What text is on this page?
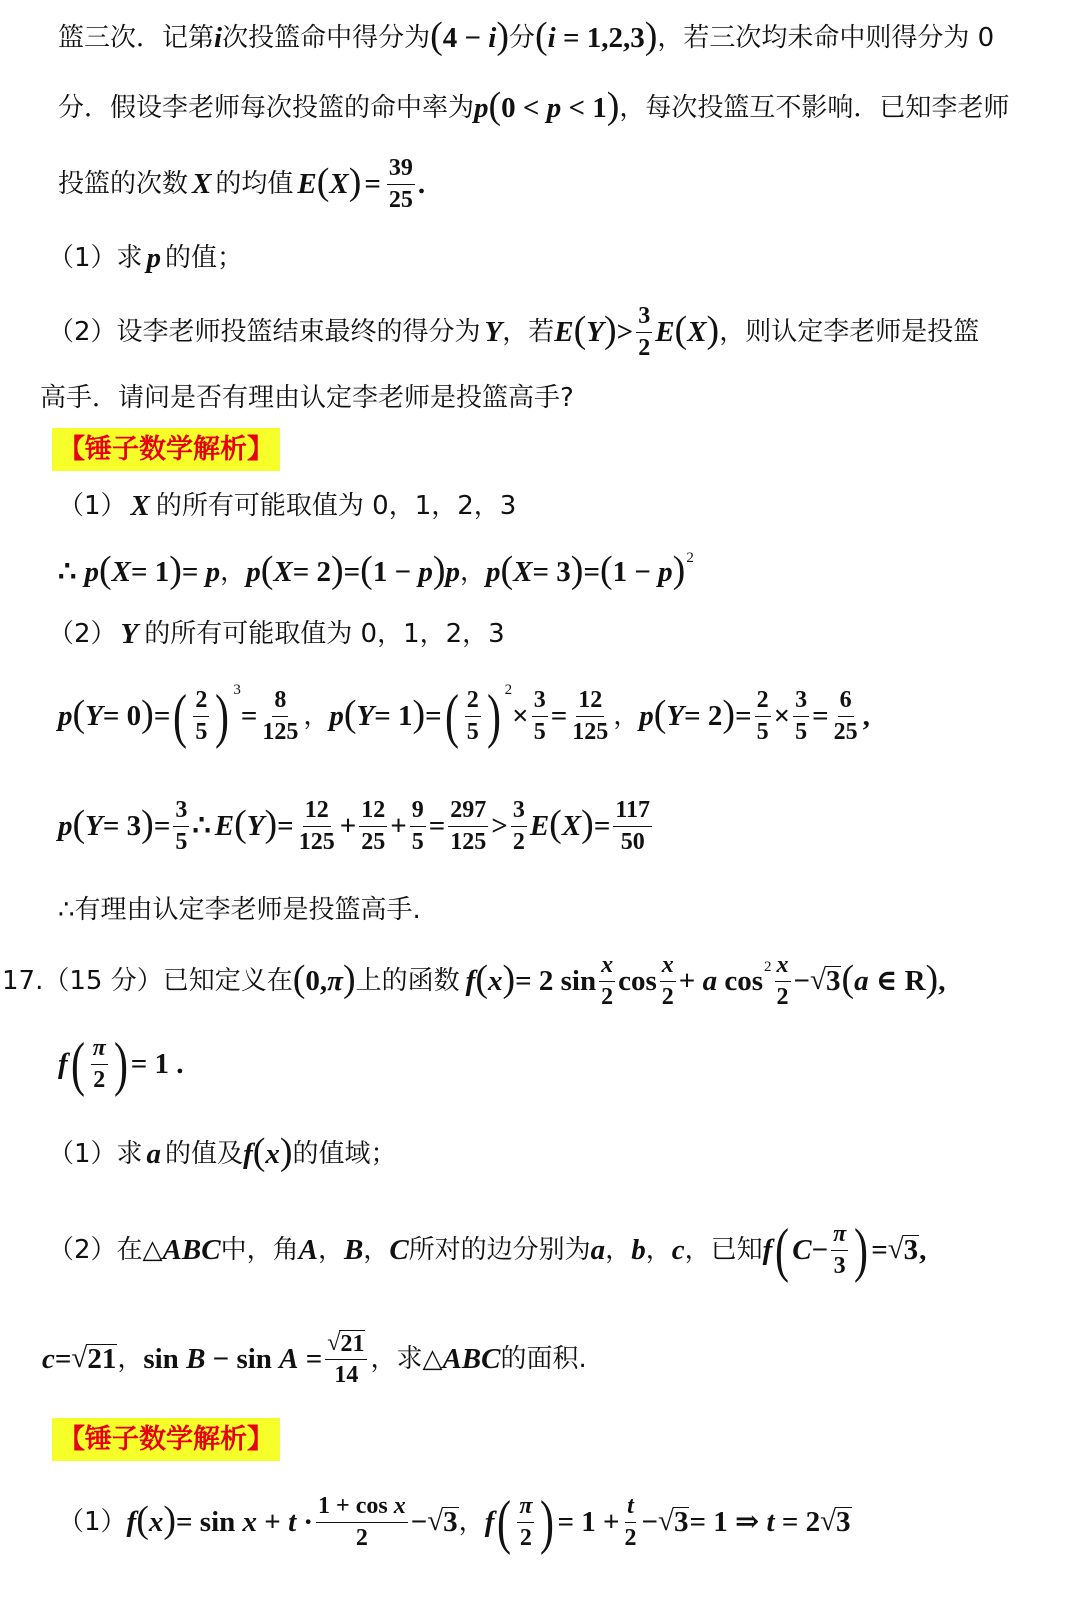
篮三次．记第 i 次投篮命中得分为 ( 4 − i ) 分 ( i = 1,2,3 ) ，若三次均未命中则得分为 0
分．假设李老师每次投篮的命中率为 p ( 0 < p < 1 ) ，每次投篮互不影响．已知李老师
投篮的次数 X 的均值 E ( X ) = $\frac{39}{25}$ .
（1）求 p 的值；
（2）设李老师投篮结束最终的得分为 Y ，若 E ( Y ) > $\frac{3}{2}$ E ( X ) ，则认定李老师是投篮
高手．请问是否有理由认定李老师是投篮高手?
【锤子数学解析】
（1） X 的所有可能取值为 0，1，2，3
∴ p ( X = 1 ) = p ， p ( X = 2 ) = ( 1 − p ) p ， p ( X = 3 ) = ( 1 − p ) 2
（2） Y 的所有可能取值为 0，1，2，3
p ( Y = 0 ) = ( $\frac{2}{5}$ ) 3
= $\frac{8}{125}$ ， p ( Y = 1 ) = ( $\frac{2}{5}$ ) 2
× $\frac{3}{5} = \frac{12}{125}$ ， p ( Y = 2 ) = $\frac{2}{5} \times \frac{3}{5} = \frac{6}{25}$ ,
p ( Y = 3 ) = $\frac{3}{5}$ ∴ E ( Y ) = $\frac{12}{125} + \frac{12}{25} + \frac{9}{5} = \frac{297}{125} > \frac{3}{2}$ E ( X ) = $\frac{117}{50}$
∴有理由认定李老师是投篮高手.
17. （15 分）已知定义在 ( 0,π ) 上的函数 f ( x ) = 2 $\sin \frac{x}{2}$ $\cos \frac{x}{2} + a$ $\cos 2 \frac{x}{2}$ − √ 3 ( a ∈ R ) ,
f ( $\frac{\pi}{2}$ ) = 1 .
（1）求 a 的值及 f ( x ) 的值域；
（2）在△ ABC 中，角 A ， B ， C 所对的边分别为 a ， b ， c ，已知 f ( $C - \frac{\pi}{3}$ ) = √ 3 ,
c = √ 21 ， $\sin B - \sin A = \frac{√ 21}{14}$ ，求△ ABC 的面积.
【锤子数学解析】
（1） f ( x ) = $\sin x + t \cdot \frac{\text{1 + cos x}}{2}$ − √ 3 ， f ( $\frac{\pi}{2}$ ) = $1 + \frac{t}{2}$ − √ 3 = 1 ⇒ t = 2 √ 3
